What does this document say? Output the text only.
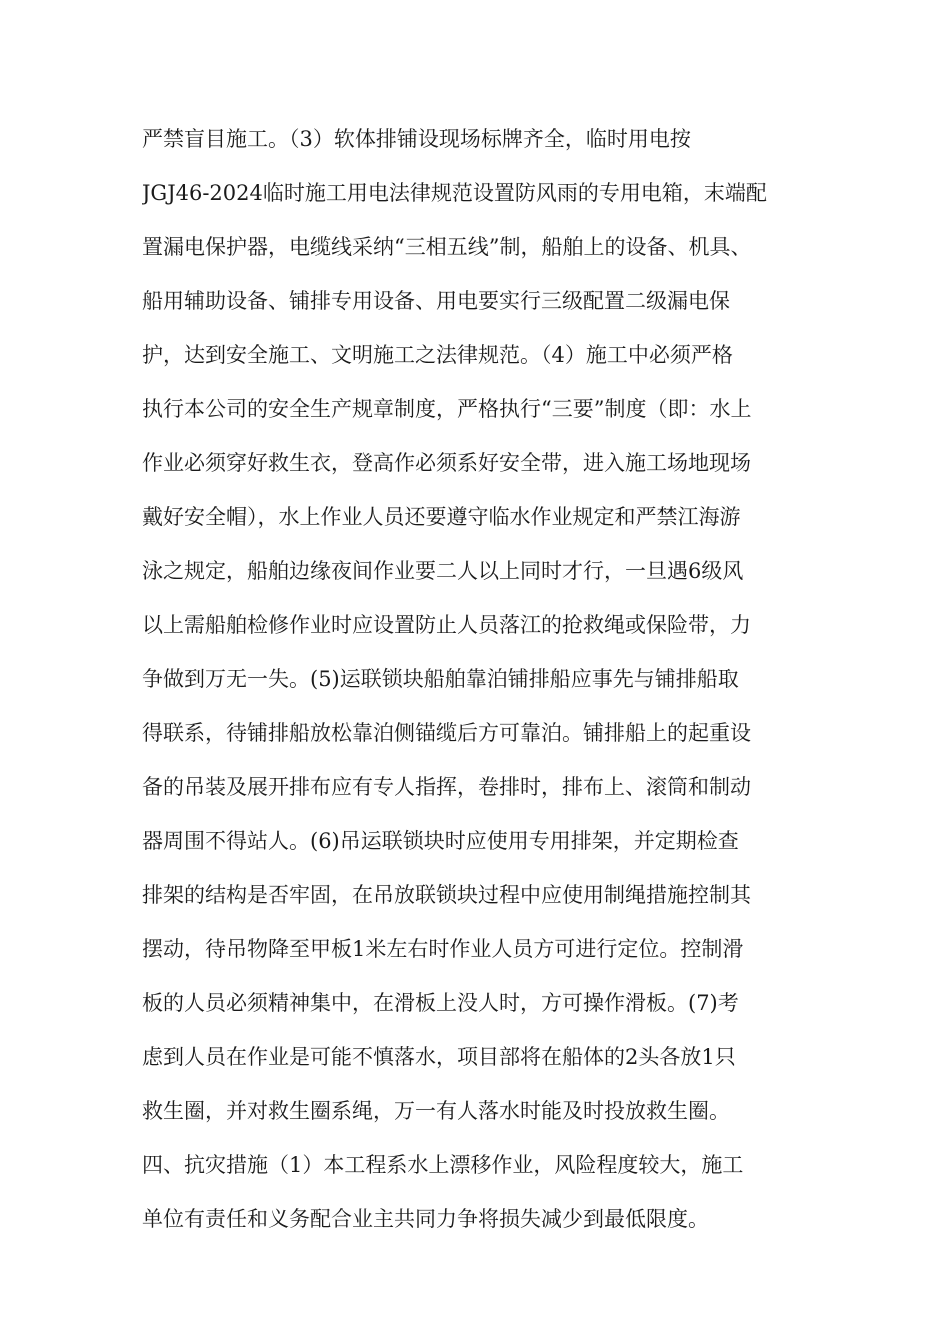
严禁盲目施工。（3）软体排铺设现场标牌齐全，临时用电按
JGJ46-2024临时施工用电法律规范设置防风雨的专用电箱，末端配
置漏电保护器，电缆线采纳“三相五线”制，船舶上的设备、机具、
船用辅助设备、铺排专用设备、用电要实行三级配置二级漏电保
护，达到安全施工、文明施工之法律规范。（4）施工中必须严格
执行本公司的安全生产规章制度，严格执行“三要”制度（即：水上
作业必须穿好救生衣，登高作必须系好安全带，进入施工场地现场
戴好安全帽），水上作业人员还要遵守临水作业规定和严禁江海游
泳之规定，船舶边缘夜间作业要二人以上同时才行，一旦遇6级风
以上需船舶检修作业时应设置防止人员落江的抢救绳或保险带，力
争做到万无一失。(5)运联锁块船舶靠泊铺排船应事先与铺排船取
得联系，待铺排船放松靠泊侧锚缆后方可靠泊。铺排船上的起重设
备的吊装及展开排布应有专人指挥，卷排时，排布上、滚筒和制动
器周围不得站人。(6)吊运联锁块时应使用专用排架，并定期检查
排架的结构是否牢固，在吊放联锁块过程中应使用制绳措施控制其
摆动，待吊物降至甲板1米左右时作业人员方可进行定位。控制滑
板的人员必须精神集中，在滑板上没人时，方可操作滑板。(7)考
虑到人员在作业是可能不慎落水，项目部将在船体的2头各放1只
救生圈，并对救生圈系绳，万一有人落水时能及时投放救生圈。
四、抗灾措施（1）本工程系水上漂移作业，风险程度较大，施工
单位有责任和义务配合业主共同力争将损失减少到最低限度。
